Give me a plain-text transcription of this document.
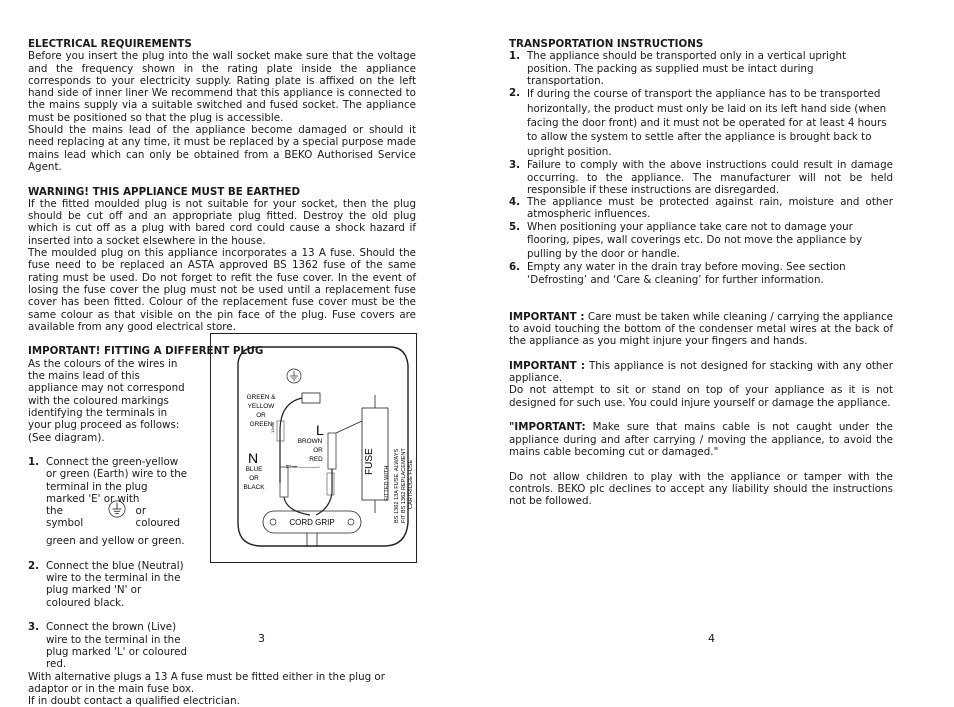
ELECTRICAL REQUIREMENTS

Before you insert the plug into the wall socket make sure that the voltage and the frequency shown in the rating plate inside the appliance corresponds to your electricity supply. Rating plate is affixed on the left hand side of inner liner We recommend that this appliance is connected to the mains supply via a suitable switched and fused socket. The appliance must be positioned so that the plug is accessible.

Should the mains lead of the appliance become damaged or should it need replacing at any time, it must be replaced by a special purpose made mains lead which can only be obtained from a BEKO Authorised Service Agent.

WARNING! THIS APPLIANCE MUST BE EARTHED

If the fitted moulded plug is not suitable for your socket, then the plug should be cut off and an appropriate plug fitted. Destroy the old plug which is cut off as a plug with bared cord could cause a shock hazard if inserted into a socket elsewhere in the house.

The moulded plug on this appliance incorporates a 13 A fuse. Should the fuse need to be replaced an ASTA approved BS 1362 fuse of the same rating must be used. Do not forget to refit the fuse cover. In the event of losing the fuse cover the plug must not be used until a replacement fuse cover has been fitted. Colour of the replacement fuse cover must be the same colour as that visible on the pin face of the plug. Fuse covers are available from any good electrical store.

IMPORTANT! FITTING A DIFFERENT PLUG

As the colours of the wires in the mains lead of this appliance may not correspond with the coloured markings identifying the terminals in your plug proceed as follows: (See diagram).

1. Connect the green-yellow or green (Earth) wire to the terminal in the plug marked 'E' or with

the symbol
or coloured

green and yellow or green.

2. Connect the blue (Neutral) wire to the terminal in the plug marked 'N' or coloured black.

3. Connect the brown (Live) wire to the terminal in the plug marked 'L' or coloured red.

With alternative plugs a 13 A fuse must be fitted either in the plug or adaptor or in the main fuse box.

If in doubt contact a qualified electrician.

25mm
12mm
CORD GRIP
GREEN &
YELLOW
OR
GREEN
BROWN
OR
RED
BLUE
OR
BLACK
N
L
FUSE
FITTED WITH BS 1362 13A FUSE. ALWAYS FIT BS 1362 REPLACEMENT CARTRIDGE FUSE
3

TRANSPORTATION INSTRUCTIONS

1. The appliance should be transported only in a vertical upright position. The packing as supplied must be intact during transportation.

2. If during the course of transport the appliance has to be transported horizontally, the product must only be laid on its left hand side (when facing the door front) and it must not be operated for at least 4 hours to allow the system to settle after the appliance is brought back to upright position.

3. Failure to comply with the above instructions could result in damage occurring. to the appliance. The manufacturer will not be held responsible if these instructions are disregarded.

4. The appliance must be protected against rain, moisture and other atmospheric influences.

5. When positioning your appliance take care not to damage your flooring, pipes, wall coverings etc. Do not move the appliance by pulling by the door or handle.

6. Empty any water in the drain tray before moving. See section ‘Defrosting’ and ‘Care & cleaning’ for further information.

IMPORTANT : Care must be taken while cleaning / carrying the appliance to avoid touching the bottom of the condenser metal wires at the back of the appliance as you might injure your fingers and hands.

IMPORTANT : This appliance is not designed for stacking with any other appliance.

Do not attempt to sit or stand on top of your appliance as it is not designed for such use. You could injure yourself or damage the appliance.

"IMPORTANT: Make sure that mains cable is not caught under the appliance during and after carrying / moving the appliance, to avoid the mains cable becoming cut or damaged."

Do not allow children to play with the appliance or tamper with the controls. BEKO plc declines to accept any liability should the instructions not be followed.

4
